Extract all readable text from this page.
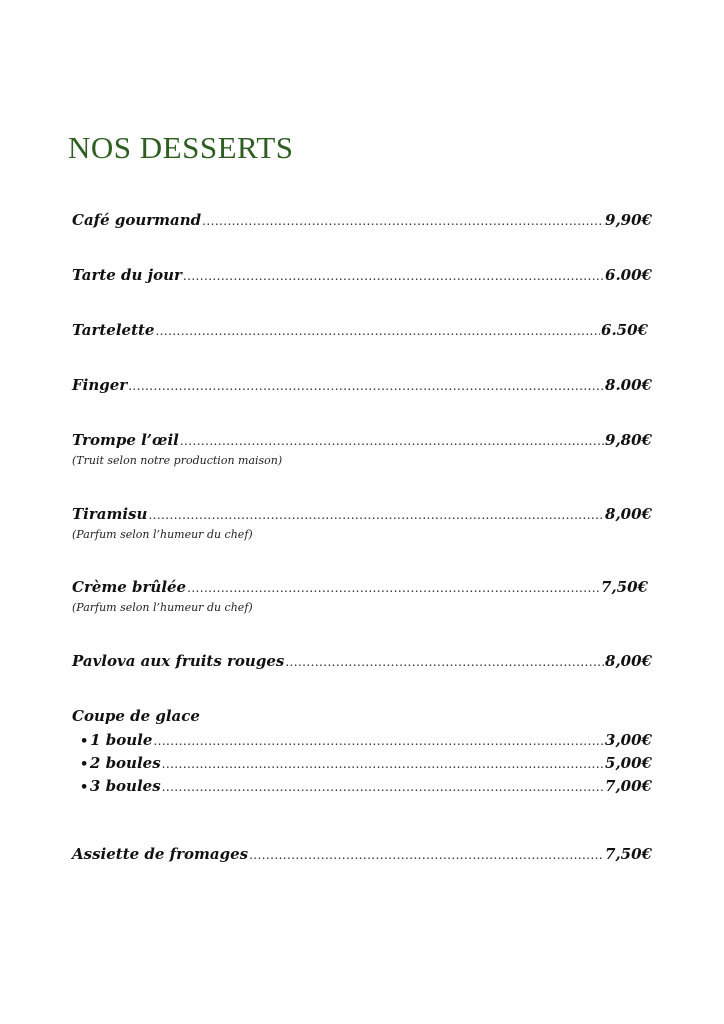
NOS DESSERTS
Café gourmand .....	9,90€
Tarte du jour .....	6.00€
Tartelette .....	6.50€
Finger .....	8.00€
Trompe l’œil .....	9,80€
(Truit selon notre production maison)
Tiramisu .....	8,00€
(Parfum selon l’humeur du chef)
Crème brûlée .....	7,50€
(Parfum selon l’humeur du chef)
Pavlova aux fruits rouges .....	8,00€
Coupe de glace
• 1 boule .....	3,00€
• 2 boules .....	5,00€
• 3 boules .....	7,00€
Assiette de fromages .....	7,50€
